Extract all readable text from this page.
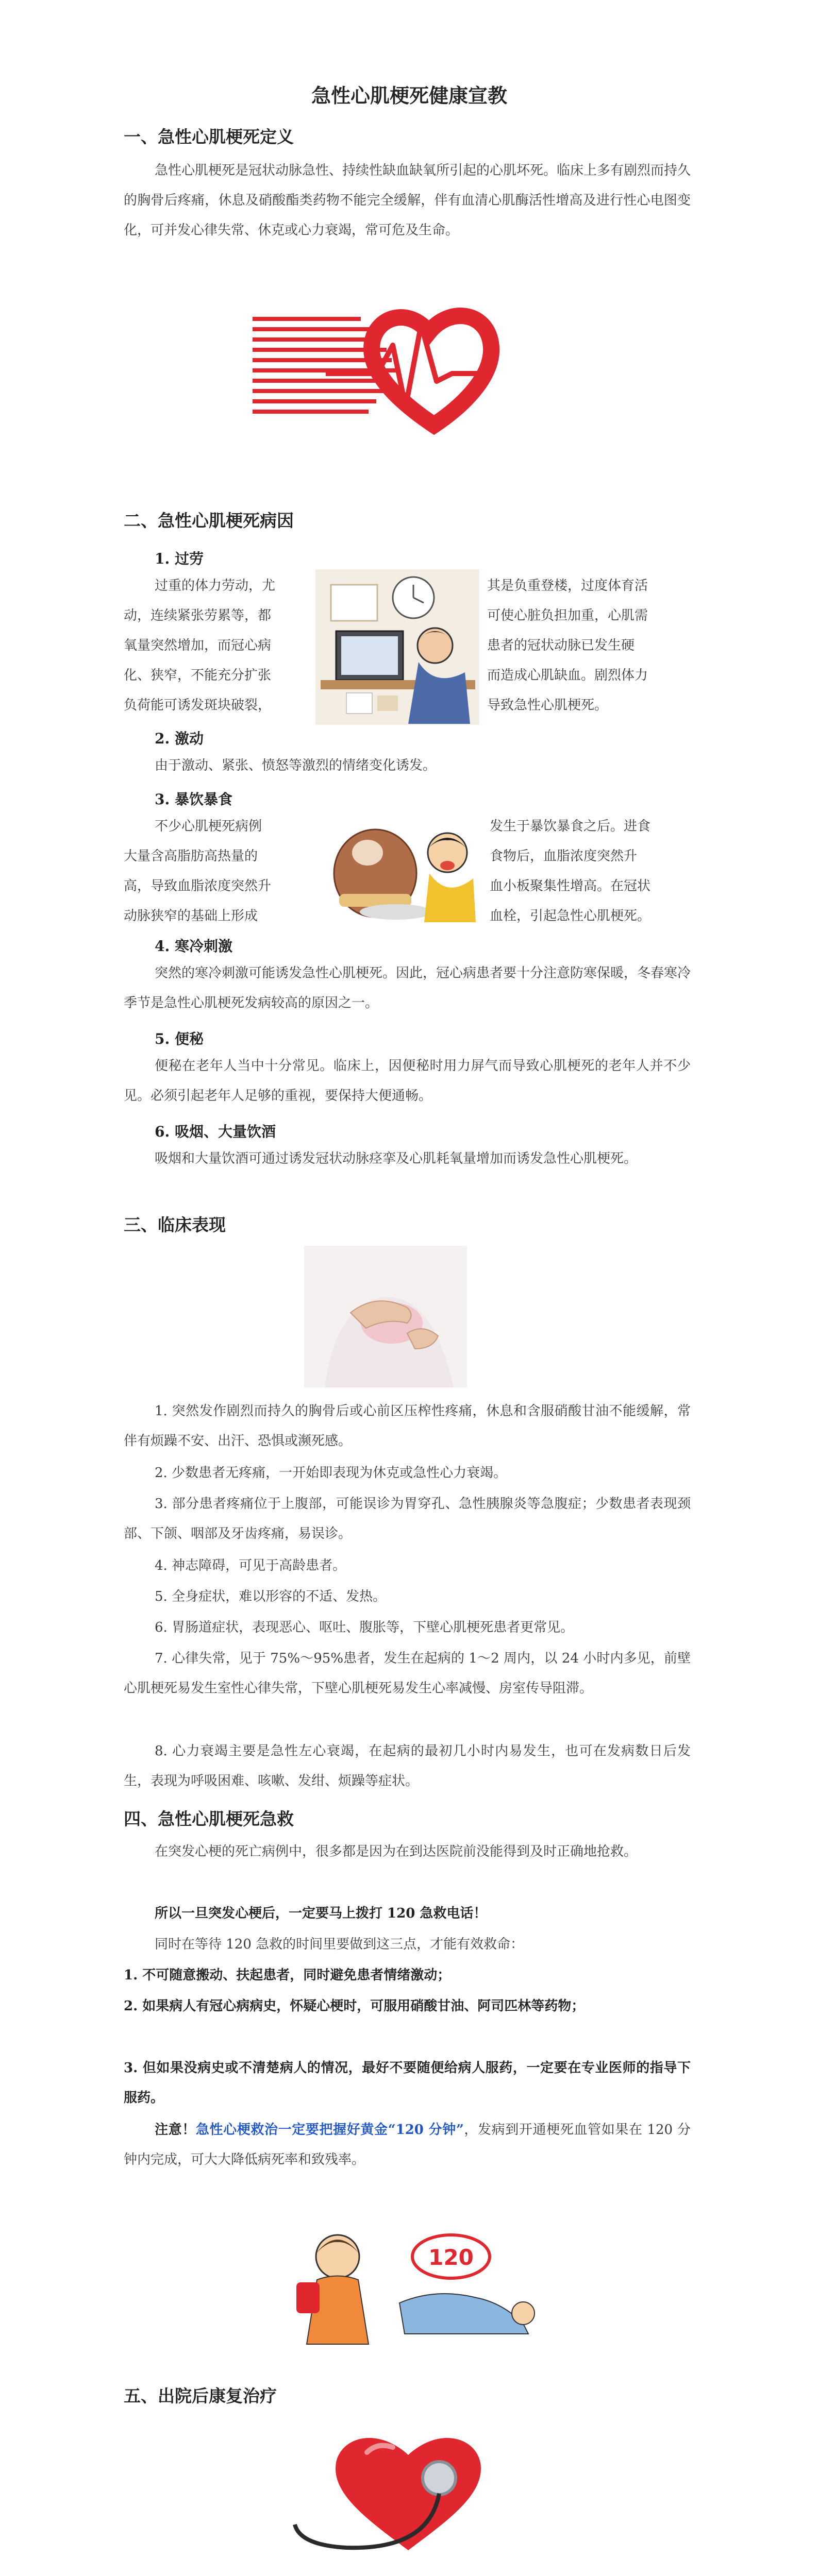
急性心肌梗死健康宣教
一、急性心肌梗死定义
急性心肌梗死是冠状动脉急性、持续性缺血缺氧所引起的心肌坏死。临床上多有剧烈而持久的胸骨后疼痛，休息及硝酸酯类药物不能完全缓解，伴有血清心肌酶活性增高及进行性心电图变化，可并发心律失常、休克或心力衰竭，常可危及生命。
二、急性心肌梗死病因
1. 过劳
过重的体力劳动，尤
动，连续紧张劳累等，都
氧量突然增加，而冠心病
化、狭窄，不能充分扩张
负荷能可诱发斑块破裂，
其是负重登楼，过度体育活
可使心脏负担加重，心肌需
患者的冠状动脉已发生硬
而造成心肌缺血。剧烈体力
导致急性心肌梗死。
2. 激动
由于激动、紧张、愤怒等激烈的情绪变化诱发。
3. 暴饮暴食
不少心肌梗死病例
大量含高脂肪高热量的
高，导致血脂浓度突然升
动脉狭窄的基础上形成
发生于暴饮暴食之后。进食
食物后，血脂浓度突然升
血小板聚集性增高。在冠状
血栓，引起急性心肌梗死。
4. 寒冷刺激
突然的寒冷刺激可能诱发急性心肌梗死。因此，冠心病患者要十分注意防寒保暖，冬春寒冷季节是急性心肌梗死发病较高的原因之一。
5. 便秘
便秘在老年人当中十分常见。临床上，因便秘时用力屏气而导致心肌梗死的老年人并不少见。必须引起老年人足够的重视，要保持大便通畅。
6. 吸烟、大量饮酒
吸烟和大量饮酒可通过诱发冠状动脉痉挛及心肌耗氧量增加而诱发急性心肌梗死。
三、临床表现
1. 突然发作剧烈而持久的胸骨后或心前区压榨性疼痛，休息和含服硝酸甘油不能缓解，常伴有烦躁不安、出汗、恐惧或濒死感。
2. 少数患者无疼痛，一开始即表现为休克或急性心力衰竭。
3. 部分患者疼痛位于上腹部，可能误诊为胃穿孔、急性胰腺炎等急腹症；少数患者表现颈部、下颌、咽部及牙齿疼痛，易误诊。
4. 神志障碍，可见于高龄患者。
5. 全身症状，难以形容的不适、发热。
6. 胃肠道症状，表现恶心、呕吐、腹胀等，下壁心肌梗死患者更常见。
7. 心律失常，见于 75%～95%患者，发生在起病的 1～2 周内，以 24 小时内多见，前壁心肌梗死易发生室性心律失常，下壁心肌梗死易发生心率减慢、房室传导阻滞。
8. 心力衰竭主要是急性左心衰竭，在起病的最初几小时内易发生，也可在发病数日后发生，表现为呼吸困难、咳嗽、发绀、烦躁等症状。
四、急性心肌梗死急救
在突发心梗的死亡病例中，很多都是因为在到达医院前没能得到及时正确地抢救。
所以一旦突发心梗后，一定要马上拨打 120 急救电话！
同时在等待 120 急救的时间里要做到这三点，才能有效救命：
1. 不可随意搬动、扶起患者，同时避免患者情绪激动；
2. 如果病人有冠心病病史，怀疑心梗时，可服用硝酸甘油、阿司匹林等药物；
3. 但如果没病史或不清楚病人的情况，最好不要随便给病人服药，一定要在专业医师的指导下服药。
注意！急性心梗救治一定要把握好黄金“120 分钟”，发病到开通梗死血管如果在 120 分钟内完成，可大大降低病死率和致残率。
120
五、出院后康复治疗
